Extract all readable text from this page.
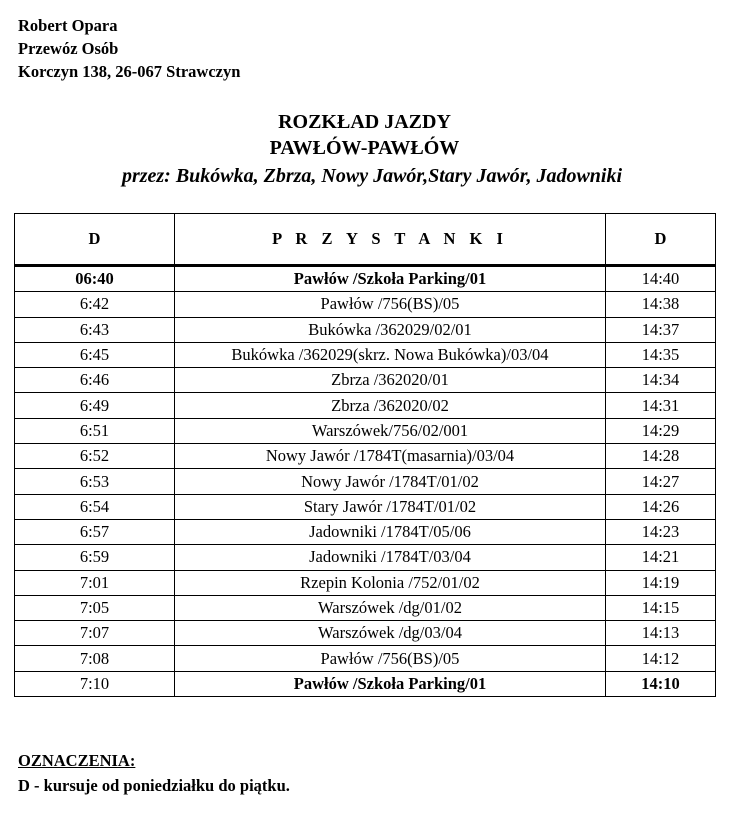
Robert Opara
Przewóz Osób
Korczyn 138, 26-067 Strawczyn
ROZKŁAD JAZDY
PAWŁÓW-PAWŁÓW
przez: Bukówka, Zbrza, Nowy Jawór,Stary Jawór, Jadowniki
D	P R Z Y S T A N K I	D
06:40	Pawłów /Szkoła Parking/01	14:40
6:42	Pawłów /756(BS)/05	14:38
6:43	Bukówka /362029/02/01	14:37
6:45	Bukówka /362029(skrz. Nowa Bukówka)/03/04	14:35
6:46	Zbrza /362020/01	14:34
6:49	Zbrza /362020/02	14:31
6:51	Warszówek/756/02/001	14:29
6:52	Nowy Jawór /1784T(masarnia)/03/04	14:28
6:53	Nowy Jawór /1784T/01/02	14:27
6:54	Stary Jawór /1784T/01/02	14:26
6:57	Jadowniki /1784T/05/06	14:23
6:59	Jadowniki /1784T/03/04	14:21
7:01	Rzepin Kolonia /752/01/02	14:19
7:05	Warszówek /dg/01/02	14:15
7:07	Warszówek /dg/03/04	14:13
7:08	Pawłów /756(BS)/05	14:12
7:10	Pawłów /Szkoła Parking/01	14:10
OZNACZENIA:
D - kursuje od poniedziałku do piątku.
